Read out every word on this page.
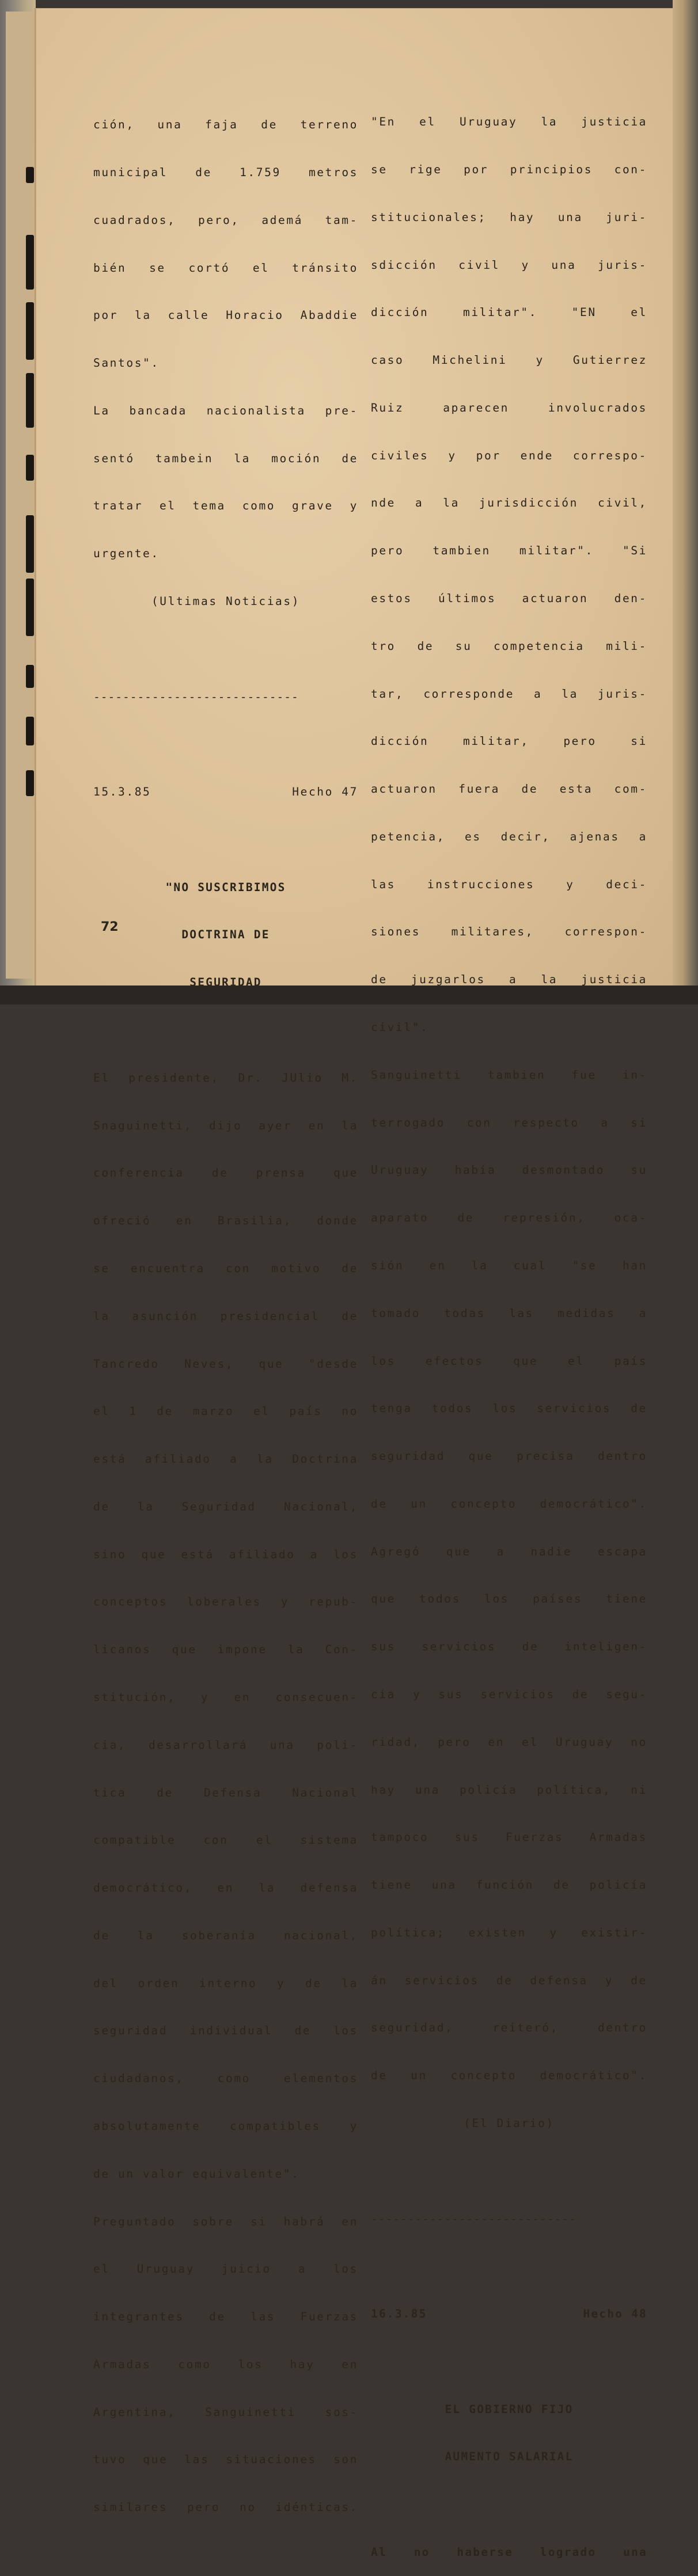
ción, una faja de terreno

municipal de 1.759 metros

cuadrados, pero, ademá tam-

bién se cortó el tránsito

por la calle Horacio Abaddie

Santos".

La bancada nacionalista pre-

sentó tambein la moción de

tratar el tema como grave y

urgente.

(Ultimas Noticias)

----------------------------

15.3.85	Hecho 47

"NO SUSCRIBIMOS

DOCTRINA DE

SEGURIDAD

El presidente, Dr. JUlio M.

Snaguinetti, dijo ayer en la

conferencia de prensa que

ofreció en Brasilia, donde

se encuentra con motivo de

la asunción presidencial de

Tancredo Neves, que "desde

el 1 de marzo el país no

está afiliado a la Doctrina

de la Seguridad Nacional,

sino que está afiliado a los

conceptos loberales y repub-

licanos que impone la Con-

stitución, y en consecuen-

cia, desarrollará una poli-

tica de Defensa Nacional

compatible con el sistema

democrático, en la defensa

de la soberanía nacional,

del orden interno y de la

seguridad individual de los

ciudadanos, como elementos

absolutamente compatibles y

de un valor equivalente".

Preguntado sobre si habrá en

el Uruguay juicio a los

integrantes de las Fuerzas

Armadas como los hay en

Argentina, Sanguinetti sos-

tuvo que las situaciones son

similares pero no idénticas.

"En el Uruguay la justicia

se rige por principios con-

stitucionales; hay una juri-

sdicción civil y una juris-

dicción militar". "EN el

caso Michelini y Gutierrez

Ruiz aparecen involucrados

civiles y por ende correspo-

nde a la jurisdicción civil,

pero tambien militar". "Si

estos últimos actuaron den-

tro de su competencia mili-

tar, corresponde a la juris-

dicción militar, pero si

actuaron fuera de esta com-

petencia, es decir, ajenas a

las instrucciones y deci-

siones militares, correspon-

de juzgarlos a la justicia

civil".

Sanguinetti tambien fue in-

terrogado con respecto a si

Uruguay había desmontado su

aparato de represión, oca-

sión en la cual "se han

tomado todas las medidas a

los efectos que el país

tenga todos los servicios de

seguridad que precisa dentro

de un concepto democrático".

Agregó que a nadie escapa

que todos los países tiene

sus servicios de inteligen-

cia y sus servicios de segu-

ridad, pero en el Uruguay no

hay una policía política, ni

tampoco sus Fuerzas Armadas

tiene una función de policía

política; existen y existir-

án servicios de defensa y de

seguridad, reiteró, dentro

de un concepto democrático".

(El Diario)

----------------------------

16.3.85	Hecho 48

EL GOBIERNO FIJO

AUMENTO SALARIAL

Al no haberse logrado una

72
